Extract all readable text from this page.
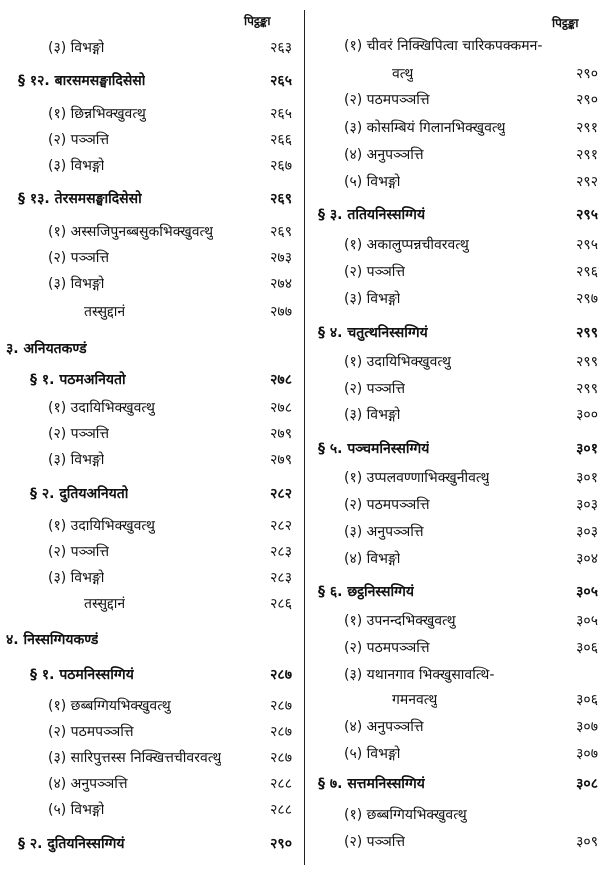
पिट्ठङ्का
(३) विभङ्गो	२६३
§ १२. बारसमसङ्घादिसेसो	२६५
(१) छिन्नभिक्खुवत्थु	२६५
(२) पञ्ञत्ति	२६६
(३) विभङ्गो	२६७
§ १३. तेरसमसङ्घादिसेसो	२६९
(१) अस्सजिपुनब्बसुकभिक्खुवत्थु	२६९
(२) पञ्ञत्ति	२७३
(३) विभङ्गो	२७४
तस्सुद्दानं	२७७
३. अनियतकण्डं
§ १. पठमअनियतो	२७८
(१) उदायिभिक्खुवत्थु	२७८
(२) पञ्ञत्ति	२७९
(३) विभङ्गो	२७९
§ २. दुतियअनियतो	२८२
(१) उदायिभिक्खुवत्थु	२८२
(२) पञ्ञत्ति	२८३
(३) विभङ्गो	२८३
तस्सुद्दानं	२८६
४. निस्सग्गियकण्डं
§ १. पठमनिस्सग्गियं	२८७
(१) छब्बग्गियभिक्खुवत्थु	२८७
(२) पठमपञ्ञत्ति	२८७
(३) सारिपुत्तस्स निक्खित्तचीवरवत्थु	२८७
(४) अनुपञ्ञत्ति	२८८
(५) विभङ्गो	२८८
§ २. दुतियनिस्सग्गियं	२९०
पिट्ठङ्का
(१) चीवरं निक्खिपित्वा चारिकपक्कमन-
वत्थु	२९०
(२) पठमपञ्ञत्ति	२९०
(३) कोसम्बियं गिलानभिक्खुवत्थु	२९१
(४) अनुपञ्ञत्ति	२९१
(५) विभङ्गो	२९२
§ ३. ततियनिस्सग्गियं	२९५
(१) अकालुप्पन्नचीवरवत्थु	२९५
(२) पञ्ञत्ति	२९६
(३) विभङ्गो	२९७
§ ४. चतुत्थनिस्सग्गियं	२९९
(१) उदायिभिक्खुवत्थु	२९९
(२) पञ्ञत्ति	२९९
(३) विभङ्गो	३००
§ ५. पञ्चमनिस्सग्गियं	३०१
(१) उप्पलवण्णाभिक्खुनीवत्थु	३०१
(२) पठमपञ्ञत्ति	३०३
(३) अनुपञ्ञत्ति	३०३
(४) विभङ्गो	३०४
§ ६. छट्ठनिस्सग्गियं	३०५
(१) उपनन्दभिक्खुवत्थु	३०५
(२) पठमपञ्ञत्ति	३०६
(३) यथानगाव भिक्खुसावत्थि-
गमनवत्थु	३०६
(४) अनुपञ्ञत्ति	३०७
(५) विभङ्गो	३०७
§ ७. सत्तमनिस्सग्गियं	३०८
(१) छब्बग्गियभिक्खुवत्थु
(२) पञ्ञत्ति	३०९
